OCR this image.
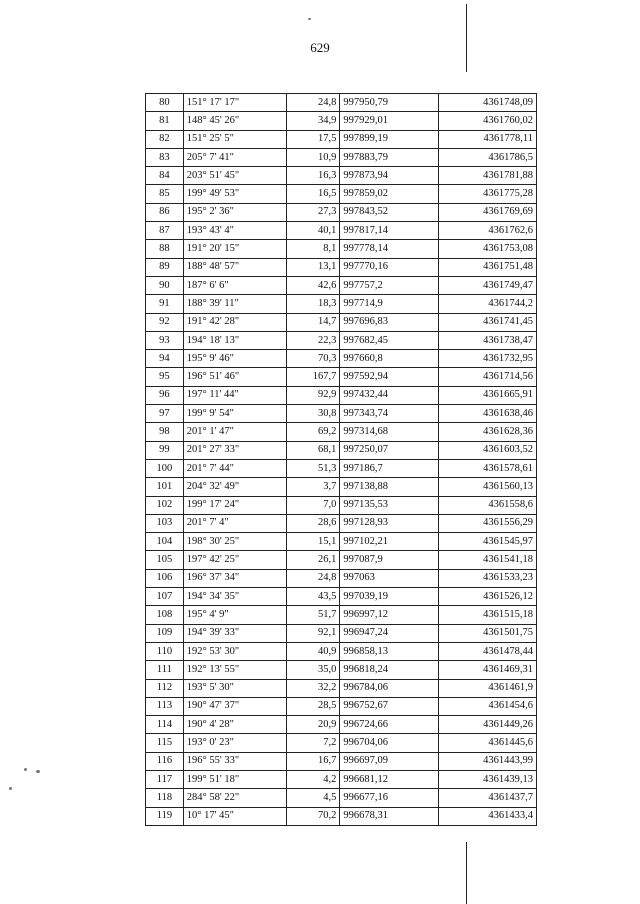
629
80	151° 17' 17"	24,8	997950,79	4361748,09
81	148° 45' 26"	34,9	997929,01	4361760,02
82	151° 25' 5"	17,5	997899,19	4361778,11
83	205° 7' 41"	10,9	997883,79	4361786,5
84	203° 51' 45"	16,3	997873,94	4361781,88
85	199° 49' 53"	16,5	997859,02	4361775,28
86	195° 2' 36"	27,3	997843,52	4361769,69
87	193° 43' 4"	40,1	997817,14	4361762,6
88	191° 20' 15"	8,1	997778,14	4361753,08
89	188° 48' 57"	13,1	997770,16	4361751,48
90	187° 6' 6"	42,6	997757,2	4361749,47
91	188° 39' 11"	18,3	997714,9	4361744,2
92	191° 42' 28"	14,7	997696,83	4361741,45
93	194° 18' 13"	22,3	997682,45	4361738,47
94	195° 9' 46"	70,3	997660,8	4361732,95
95	196° 51' 46"	167,7	997592,94	4361714,56
96	197° 11' 44"	92,9	997432,44	4361665,91
97	199° 9' 54"	30,8	997343,74	4361638,46
98	201° 1' 47"	69,2	997314,68	4361628,36
99	201° 27' 33"	68,1	997250,07	4361603,52
100	201° 7' 44"	51,3	997186,7	4361578,61
101	204° 32' 49"	3,7	997138,88	4361560,13
102	199° 17' 24"	7,0	997135,53	4361558,6
103	201° 7' 4"	28,6	997128,93	4361556,29
104	198° 30' 25"	15,1	997102,21	4361545,97
105	197° 42' 25"	26,1	997087,9	4361541,18
106	196° 37' 34"	24,8	997063	4361533,23
107	194° 34' 35"	43,5	997039,19	4361526,12
108	195° 4' 9"	51,7	996997,12	4361515,18
109	194° 39' 33"	92,1	996947,24	4361501,75
110	192° 53' 30"	40,9	996858,13	4361478,44
111	192° 13' 55"	35,0	996818,24	4361469,31
112	193° 5' 30"	32,2	996784,06	4361461,9
113	190° 47' 37"	28,5	996752,67	4361454,6
114	190° 4' 28"	20,9	996724,66	4361449,26
115	193° 0' 23"	7,2	996704,06	4361445,6
116	196° 55' 33"	16,7	996697,09	4361443,99
117	199° 51' 18"	4,2	996681,12	4361439,13
118	284° 58' 22"	4,5	996677,16	4361437,7
119	10° 17' 45"	70,2	996678,31	4361433,4
